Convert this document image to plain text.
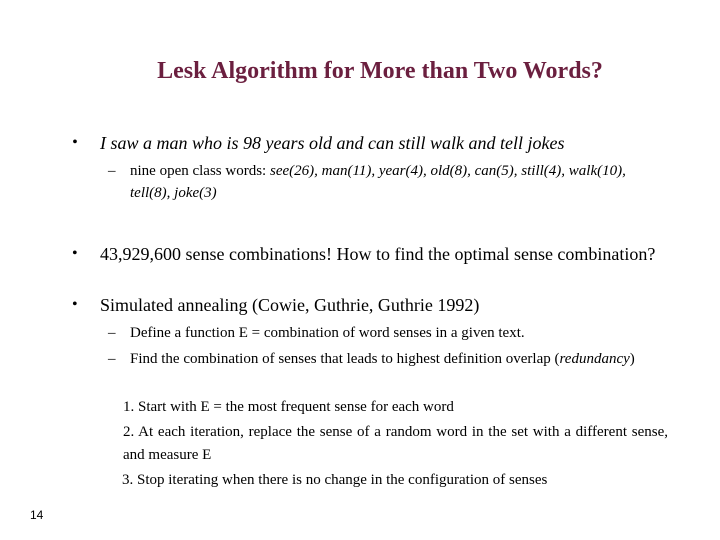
Lesk Algorithm for More than Two Words?
• I saw a man who is 98 years old and can still walk and tell jokes
– nine open class words: see(26), man(11), year(4), old(8), can(5), still(4), walk(10), tell(8), joke(3)
• 43,929,600 sense combinations! How to find the optimal sense combination?
• Simulated annealing (Cowie, Guthrie, Guthrie 1992)
– Define a function E = combination of word senses in a given text.
– Find the combination of senses that leads to highest definition overlap (redundancy)
1. Start with E = the most frequent sense for each word
2. At each iteration, replace the sense of a random word in the set with a different sense, and measure E
3. Stop iterating when there is no change in the configuration of senses
14
